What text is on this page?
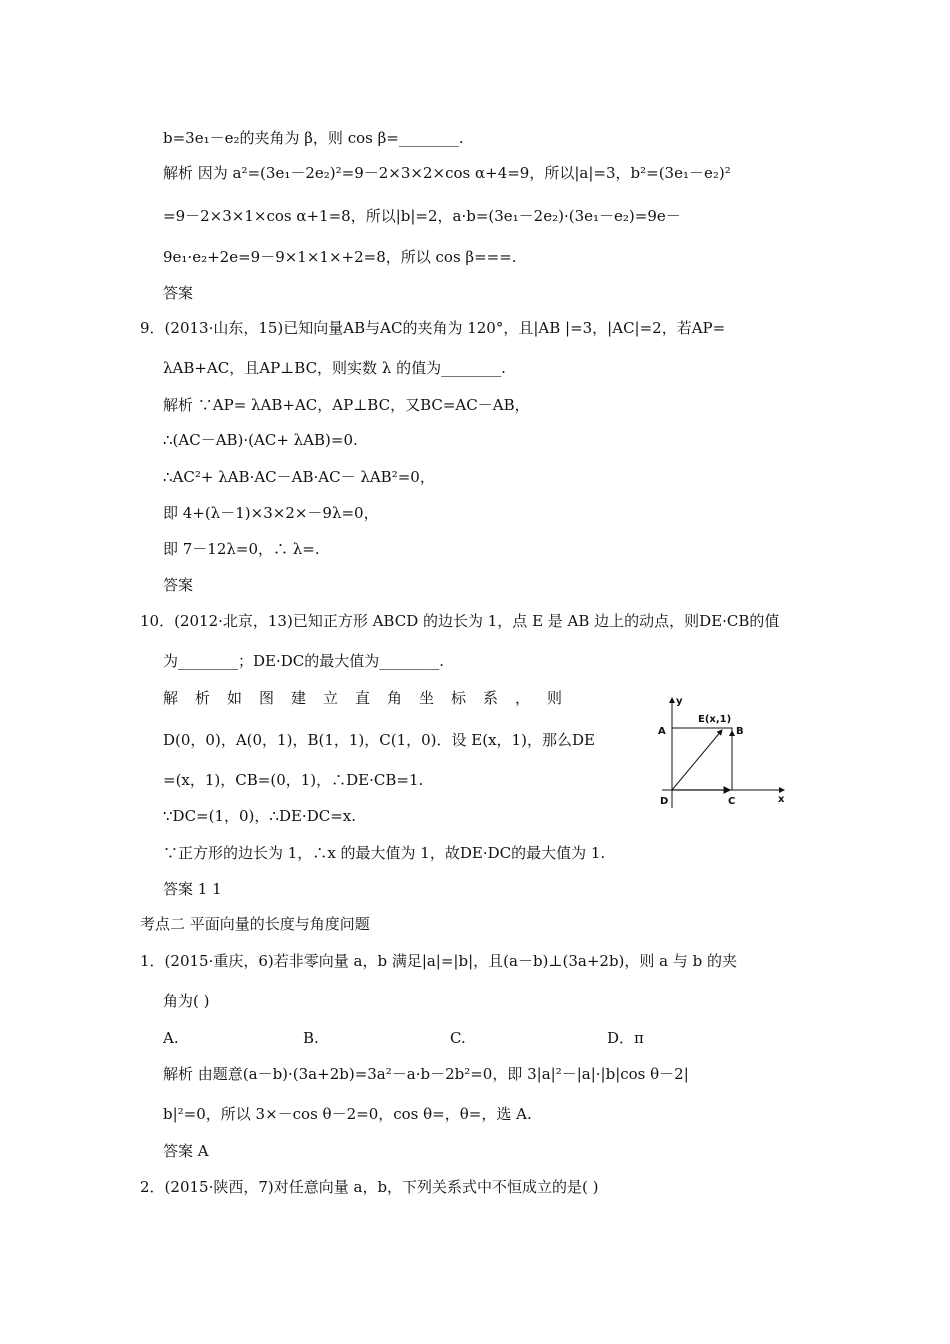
b=3e₁－e₂的夹角为 β，则 cos β=________.
解析 因为 a²=(3e₁－2e₂)²=9－2×3×2×cos α+4=9，所以|a|=3，b²=(3e₁－e₂)²
=9－2×3×1×cos α+1=8，所以|b|=2，a·b=(3e₁－2e₂)·(3e₁－e₂)=9e－
9e₁·e₂+2e=9－9×1×1×+2=8，所以 cos β===.
答案
9．(2013·山东，15)已知向量AB与AC的夹角为 120°，且|AB |=3，|AC|=2，若AP=
λAB+AC，且AP⊥BC，则实数 λ 的值为________.
解析 ∵AP= λAB+AC，AP⊥BC，又BC=AC－AB，
∴(AC－AB)·(AC+ λAB)=0.
∴AC²+ λAB·AC－AB·AC－ λAB²=0，
即 4+(λ－1)×3×2×－9λ=0，
即 7－12λ=0，∴ λ=.
答案
10．(2012·北京，13)已知正方形 ABCD 的边长为 1，点 E 是 AB 边上的动点，则DE·CB的值
为________；DE·DC的最大值为________.
解析如图建立直角坐标系，则
D(0，0)，A(0，1)，B(1，1)，C(1，0)．设 E(x，1)，那么DE
=(x，1)，CB=(0，1)，∴DE·CB=1.
∵DC=(1，0)，∴DE·DC=x.
∵正方形的边长为 1，∴x 的最大值为 1，故DE·DC的最大值为 1.
答案 1 1
考点二 平面向量的长度与角度问题
1．(2015·重庆，6)若非零向量 a，b 满足|a|=|b|，且(a－b)⊥(3a+2b)，则 a 与 b 的夹
角为( )
A.	B.	C.	D．π
解析 由题意(a－b)·(3a+2b)=3a²－a·b－2b²=0，即 3|a|²－|a|·|b|cos θ－2|
b|²=0，所以 3×－cos θ－2=0，cos θ=，θ=，选 A.
答案 A
2．(2015·陕西，7)对任意向量 a，b，下列关系式中不恒成立的是( )
y
x
A	B
C
D
E(x,1)
